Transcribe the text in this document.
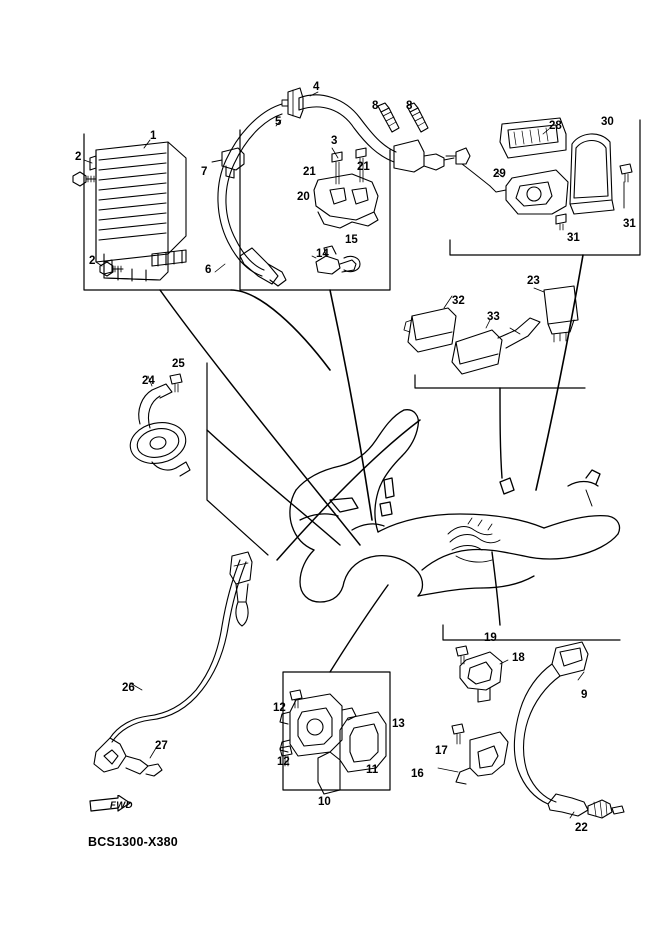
1
2
2
3
4
5
6
7
8 8
9
10
11
12
12
13
14
15
16
17
18
19
20
21	21
22
23
24
25
26
27
28
29
30
31
31
32
33
FWD
BCS1300-X380
